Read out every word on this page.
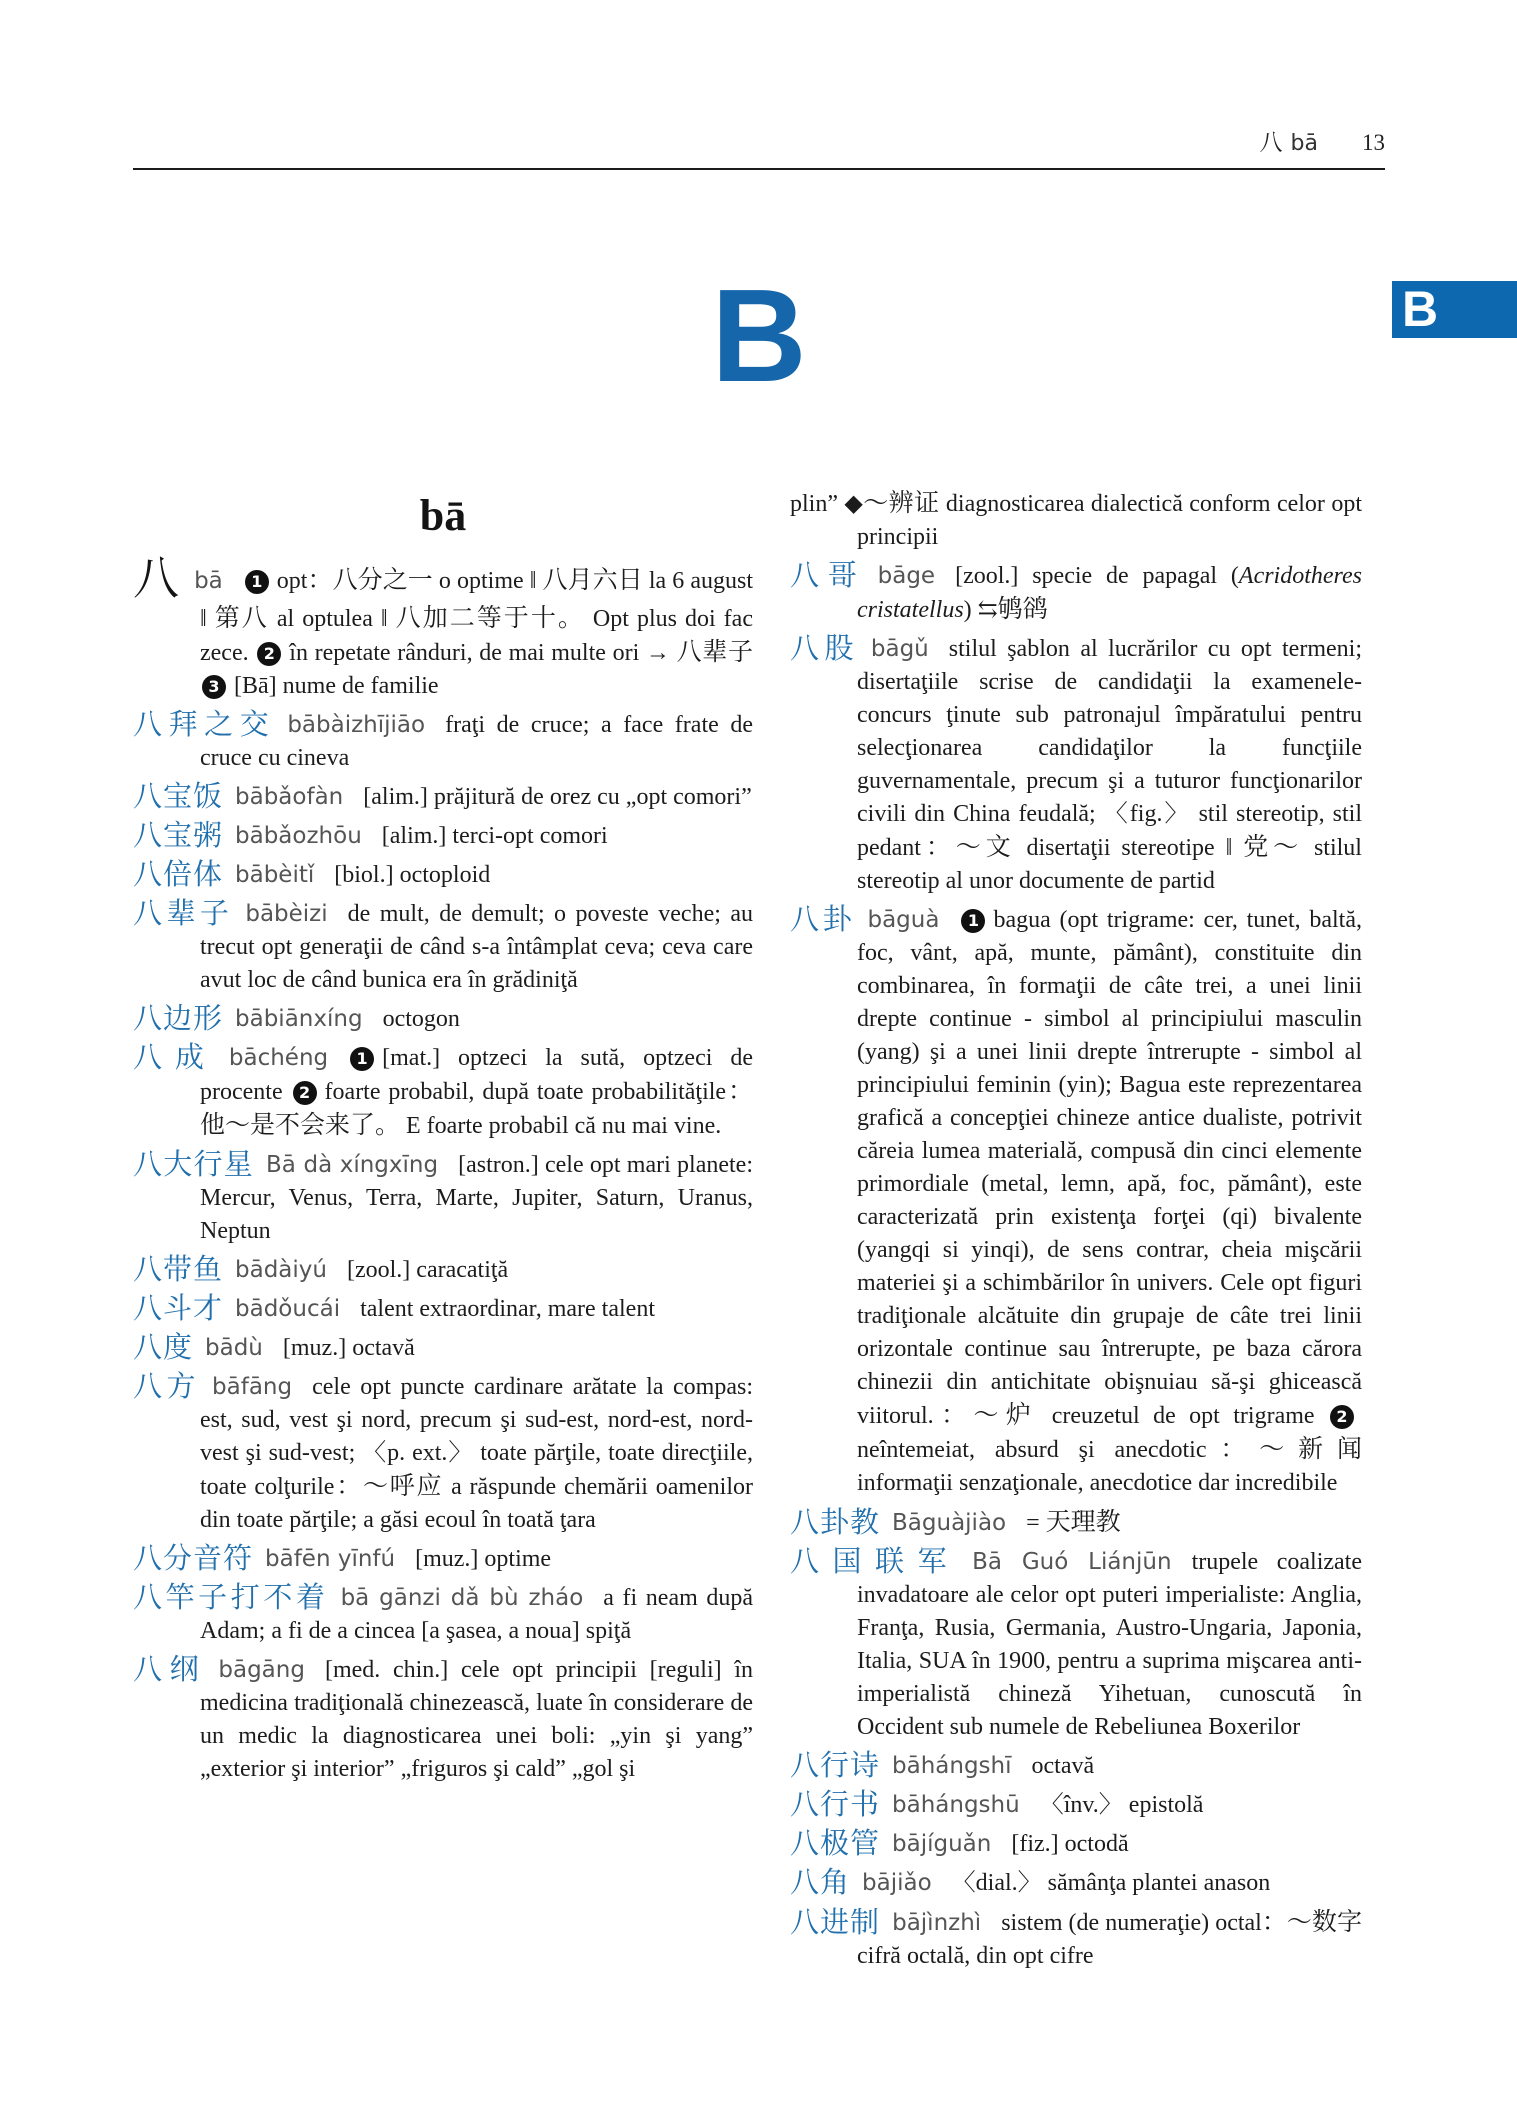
八 bā 13
B	B
bā

八bā 1 opt：八分之一 o optime ‖ 八月六日 la 6 august ‖ 第八 al optulea ‖ 八加二等于十。 Opt plus doi fac zece. 2 în repetate rânduri, de mai multe ori → 八辈子 3 [Bā] nume de familie

八拜之交 bābàizhījiāo fraţi de cruce; a face frate de cruce cu cineva

八宝饭 bābǎofàn [alim.] prăjitură de orez cu „opt comori”

八宝粥 bābǎozhōu [alim.] terci-opt comori

八倍体 bābèitǐ [biol.] octoploid

八辈子 bābèizi de mult, de demult; o poveste veche; au trecut opt generaţii de când s-a întâmplat ceva; ceva care avut loc de când bunica era în grădiniţă

八边形 bābiānxíng octogon

八成 bāchéng 1 [mat.] optzeci la sută, optzeci de procente 2 foarte probabil, după toate probabilităţile：他～是不会来了。 E foarte probabil că nu mai vine.

八大行星 Bā dà xíngxīng [astron.] cele opt mari planete: Mercur, Venus, Terra, Marte, Jupiter, Saturn, Uranus, Neptun

八带鱼 bādàiyú [zool.] caracatiţă

八斗才 bādǒucái talent extraordinar, mare talent

八度 bādù [muz.] octavă

八方 bāfāng cele opt puncte cardinare arătate la compas: est, sud, vest şi nord, precum şi sud-est, nord-est, nord-vest şi sud-vest; 〈p. ext.〉 toate părţile, toate direcţiile, toate colţurile：～呼应 a răspunde chemării oamenilor din toate părţile; a găsi ecoul în toată ţara

八分音符 bāfēn yīnfú [muz.] optime

八竿子打不着 bā gānzi dǎ bù zháo a fi neam după Adam; a fi de a cincea [a şasea, a noua] spiţă

八纲 bāgāng [med. chin.] cele opt principii [reguli] în medicina tradiţională chinezească, luate în considerare de un medic la diagnosticarea unei boli: „yin şi yang” „exterior şi interior” „friguros şi cald” „gol şi

plin” ◆～辨证 diagnosticarea dialectică conform celor opt principii

八哥 bāge [zool.] specie de papagal (Acridotheres cristatellus) ⇆鸲鹆

八股 bāgǔ stilul şablon al lucrărilor cu opt termeni; disertaţiile scrise de candidaţii la examenele-concurs ţinute sub patronajul împăratului pentru selecţionarea candidaţilor la funcţiile guvernamentale, precum şi a tuturor funcţionarilor civili din China feudală; 〈fig.〉 stil stereotip, stil pedant：～文 disertaţii stereotipe ‖ 党～ stilul stereotip al unor documente de partid

八卦 bāguà 1 bagua (opt trigrame: cer, tunet, baltă, foc, vânt, apă, munte, pământ), constituite din combinarea, în formaţii de câte trei, a unei linii drepte continue - simbol al principiului masculin (yang) şi a unei linii drepte întrerupte - simbol al principiului feminin (yin); Bagua este reprezentarea grafică a concepţiei chineze antice dualiste, potrivit căreia lumea materială, compusă din cinci elemente primordiale (metal, lemn, apă, foc, pământ), este caracterizată prin existenţa forţei (qi) bivalente (yangqi si yinqi), de sens contrar, cheia mişcării materiei şi a schimbărilor în univers. Cele opt figuri tradiţionale alcătuite din grupaje de câte trei linii orizontale continue sau întrerupte, pe baza cărora chinezii din antichitate obişnuiau să-şi ghicească viitorul.：～炉 creuzetul de opt trigrame 2neîntemeiat, absurd şi anecdotic：～新闻 informaţii senzaţionale, anecdotice dar incredibile

八卦教 Bāguàjiào = 天理教

八国联军 Bā Guó Liánjūn trupele coalizate invadatoare ale celor opt puteri imperialiste: Anglia, Franţa, Rusia, Germania, Austro-Ungaria, Japonia, Italia, SUA în 1900, pentru a suprima mişcarea anti-imperialistă chineză Yihetuan, cunoscută în Occident sub numele de Rebeliunea Boxerilor

八行诗 bāhángshī octavă

八行书 bāhángshū 〈înv.〉 epistolă

八极管 bājíguǎn [fiz.] octodă

八角 bājiǎo 〈dial.〉 sămânţa plantei anason

八进制 bājìnzhì sistem (de numeraţie) octal：～数字 cifră octală, din opt cifre
